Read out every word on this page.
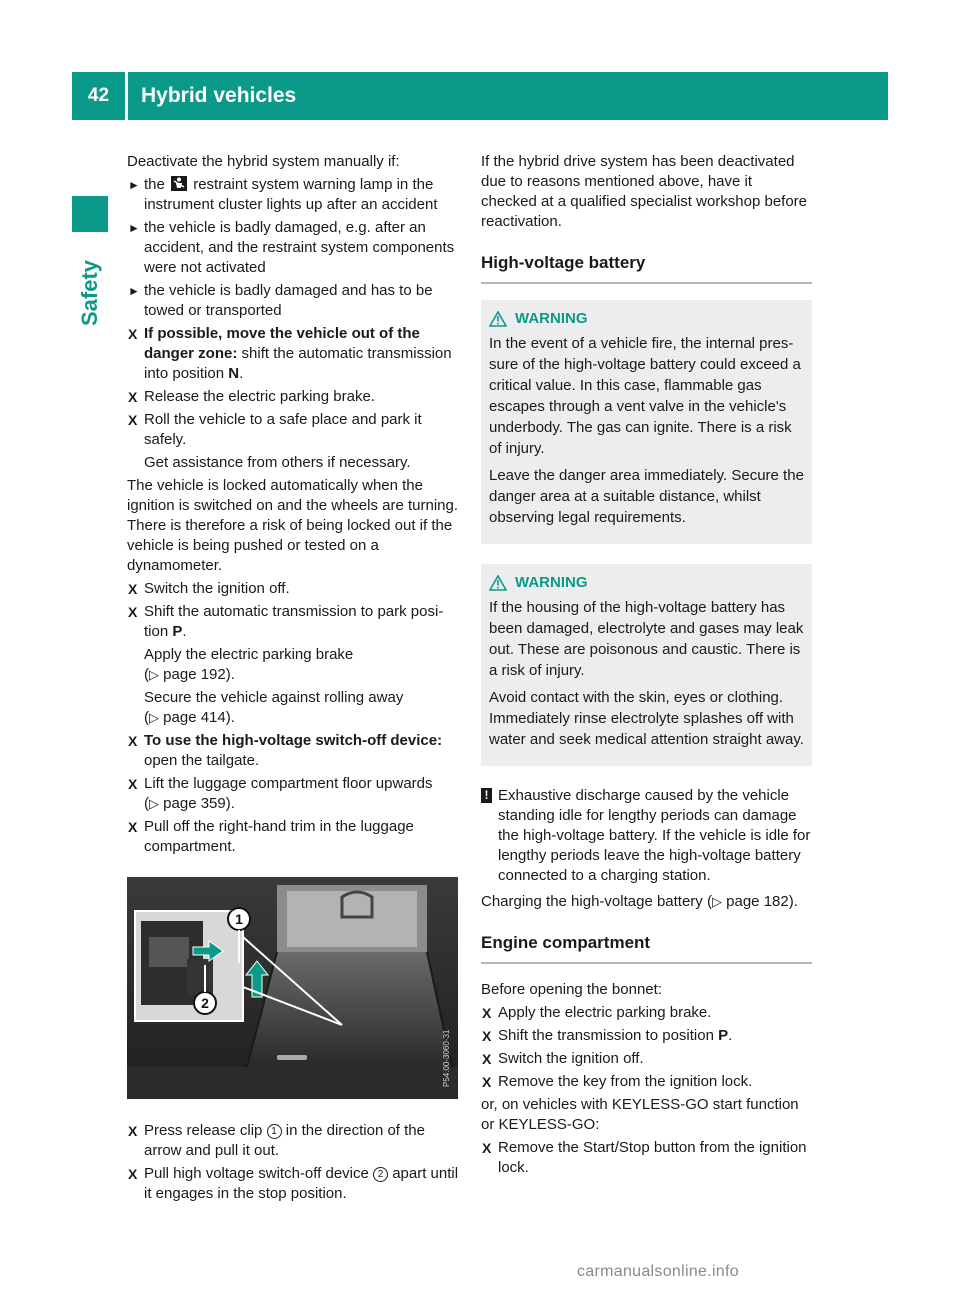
42	Hybrid vehicles
Safety

Deactivate the hybrid system manually if:

► the restraint system warning lamp in the instrument cluster lights up after an accident
► the vehicle is badly damaged, e.g. after an accident, and the restraint system components were not activated
► the vehicle is badly damaged and has to be towed or transported
X If possible, move the vehicle out of the danger zone: shift the automatic transmission into position N.
X Release the electric parking brake.
X Roll the vehicle to a safe place and park it safely.

Get assistance from others if necessary.

The vehicle is locked automatically when the ignition is switched on and the wheels are turning. There is therefore a risk of being locked out if the vehicle is being pushed or tested on a dynamometer.

X Switch the ignition off.
X Shift the automatic transmission to park position P.
Apply the electric parking brake
(▷ page 192).
Secure the vehicle against rolling away
(▷ page 414).
X To use the high-voltage switch-off device: open the tailgate.
X Lift the luggage compartment floor upwards
(▷ page 359).
X Pull off the right-hand trim in the luggage compartment.
1
2
P54.00-3060-31
X Press release clip 1 in the direction of the arrow and pull it out.
X Pull high voltage switch-off device 2 apart until it engages in the stop position.

If the hybrid drive system has been deactivated due to reasons mentioned above, have it checked at a qualified specialist workshop before reactivation.

High-voltage battery
WARNING

In the event of a vehicle fire, the internal pressure of the high-voltage battery could exceed a critical value. In this case, flammable gas escapes through a vent valve in the vehicle's underbody. The gas can ignite. There is a risk of injury.

Leave the danger area immediately. Secure the danger area at a suitable distance, whilst observing legal requirements.

WARNING

If the housing of the high-voltage battery has been damaged, electrolyte and gases may leak out. These are poisonous and caustic. There is a risk of injury.

Avoid contact with the skin, eyes or clothing. Immediately rinse electrolyte splashes off with water and seek medical attention straight away.

! Exhaustive discharge caused by the vehicle standing idle for lengthy periods can damage the high-voltage battery. If the vehicle is idle for lengthy periods leave the high-voltage battery connected to a charging station.

Charging the high-voltage battery (▷ page 182).

Engine compartment

Before opening the bonnet:

X Apply the electric parking brake.
X Shift the transmission to position P.
X Switch the ignition off.
X Remove the key from the ignition lock.

or, on vehicles with KEYLESS-GO start function or KEYLESS-GO:

X Remove the Start/Stop button from the ignition lock.
carmanualsonline.info
